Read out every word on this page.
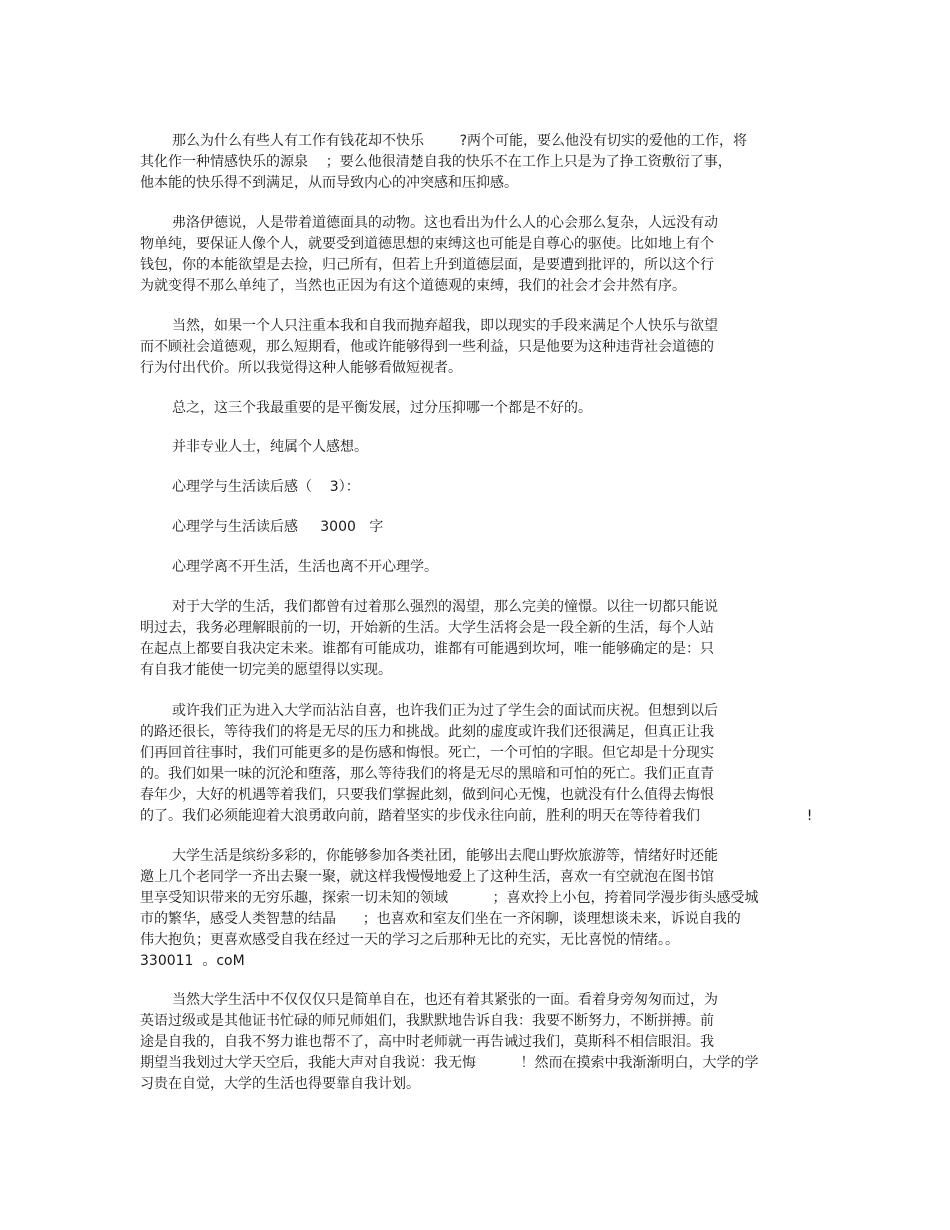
那么为什么有些人有工作有钱花却不快乐        ?两个可能，要么他没有切实的爱他的工作，将
其化作一种情感快乐的源泉    ；要么他很清楚自我的快乐不在工作上只是为了挣工资敷衍了事，
他本能的快乐得不到满足，从而导致内心的冲突感和压抑感。
弗洛伊德说，人是带着道德面具的动物。这也看出为什么人的心会那么复杂，人远没有动
物单纯，要保证人像个人，就要受到道德思想的束缚这也可能是自尊心的驱使。比如地上有个
钱包，你的本能欲望是去捡，归己所有，但若上升到道德层面，是要遭到批评的，所以这个行
为就变得不那么单纯了，当然也正因为有这个道德观的束缚，我们的社会才会井然有序。
当然，如果一个人只注重本我和自我而抛弃超我，即以现实的手段来满足个人快乐与欲望
而不顾社会道德观，那么短期看，他或许能够得到一些利益，只是他要为这种违背社会道德的
行为付出代价。所以我觉得这种人能够看做短视者。
总之，这三个我最重要的是平衡发展，过分压抑哪一个都是不好的。
并非专业人士，纯属个人感想。
心理学与生活读后感（    3）：
心理学与生活读后感     3000   字
心理学离不开生活，生活也离不开心理学。
对于大学的生活，我们都曾有过着那么强烈的渴望，那么完美的憧憬。以往一切都只能说
明过去，我务必理解眼前的一切，开始新的生活。大学生活将会是一段全新的生活，每个人站
在起点上都要自我决定未来。谁都有可能成功，谁都有可能遇到坎坷，唯一能够确定的是：只
有自我才能使一切完美的愿望得以实现。
或许我们正为进入大学而沾沾自喜，也许我们正为过了学生会的面试而庆祝。但想到以后
的路还很长，等待我们的将是无尽的压力和挑战。此刻的虚度或许我们还很满足，但真正让我
们再回首往事时，我们可能更多的是伤感和悔恨。死亡，一个可怕的字眼。但它却是十分现实
的。我们如果一味的沉沦和堕落，那么等待我们的将是无尽的黑暗和可怕的死亡。我们正直青
春年少，大好的机遇等着我们，只要我们掌握此刻，做到问心无愧，也就没有什么值得去悔恨
的了。我们必须能迎着大浪勇敢向前，踏着坚实的步伐永往向前，胜利的明天在等待着我们                        !
大学生活是缤纷多彩的，你能够参加各类社团，能够出去爬山野炊旅游等，情绪好时还能
邀上几个老同学一齐出去聚一聚，就这样我慢慢地爱上了这种生活，喜欢一有空就泡在图书馆
里享受知识带来的无穷乐趣，探索一切未知的领域          ；喜欢拎上小包，挎着同学漫步街头感受城
市的繁华，感受人类智慧的结晶      ；也喜欢和室友们坐在一齐闲聊，谈理想谈未来，诉说自我的
伟大抱负；更喜欢感受自我在经过一天的学习之后那种无比的充实，无比喜悦的情绪。。
330011  。coM
当然大学生活中不仅仅仅只是简单自在，也还有着其紧张的一面。看着身旁匆匆而过，为
英语过级或是其他证书忙碌的师兄师姐们，我默默地告诉自我：我要不断努力，不断拼搏。前
途是自我的，自我不努力谁也帮不了，高中时老师就一再告诫过我们，莫斯科不相信眼泪。我
期望当我划过大学天空后，我能大声对自我说：我无悔          ！然而在摸索中我渐渐明白，大学的学
习贵在自觉，大学的生活也得要靠自我计划。
